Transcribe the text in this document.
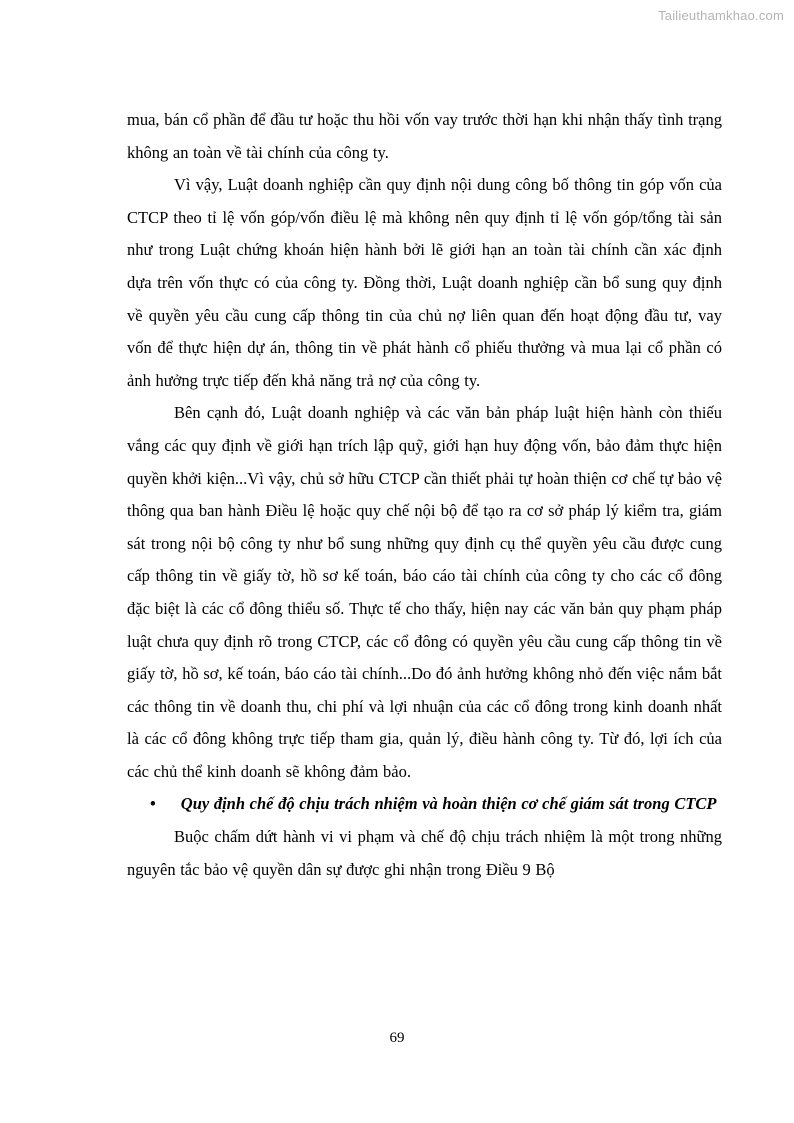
Tailieuthamkhao.com

mua, bán cổ phần để đầu tư hoặc thu hồi vốn vay trước thời hạn khi nhận thấy tình trạng không an toàn về tài chính của công ty.

Vì vậy, Luật doanh nghiệp cần quy định nội dung công bố thông tin góp vốn của CTCP theo tỉ lệ vốn góp/vốn điều lệ mà không nên quy định tỉ lệ vốn góp/tổng tài sản như trong Luật chứng khoán hiện hành bởi lẽ giới hạn an toàn tài chính cần xác định dựa trên vốn thực có của công ty. Đồng thời, Luật doanh nghiệp cần bổ sung quy định về quyền yêu cầu cung cấp thông tin của chủ nợ liên quan đến hoạt động đầu tư, vay vốn để thực hiện dự án, thông tin về phát hành cổ phiếu thưởng và mua lại cổ phần có ảnh hưởng trực tiếp đến khả năng trả nợ của công ty.

Bên cạnh đó, Luật doanh nghiệp và các văn bản pháp luật hiện hành còn thiếu vắng các quy định về giới hạn trích lập quỹ, giới hạn huy động vốn, bảo đảm thực hiện quyền khởi kiện...Vì vậy, chủ sở hữu CTCP cần thiết phải tự hoàn thiện cơ chế tự bảo vệ thông qua ban hành Điều lệ hoặc quy chế nội bộ để tạo ra cơ sở pháp lý kiểm tra, giám sát trong nội bộ công ty như bổ sung những quy định cụ thể quyền yêu cầu được cung cấp thông tin về giấy tờ, hồ sơ kế toán, báo cáo tài chính của công ty cho các cổ đông đặc biệt là các cổ đông thiểu số. Thực tế cho thấy, hiện nay các văn bản quy phạm pháp luật chưa quy định rõ trong CTCP, các cổ đông có quyền yêu cầu cung cấp thông tin về giấy tờ, hồ sơ, kế toán, báo cáo tài chính...Do đó ảnh hưởng không nhỏ đến việc nắm bắt các thông tin về doanh thu, chi phí và lợi nhuận của các cổ đông trong kinh doanh nhất là các cổ đông không trực tiếp tham gia, quản lý, điều hành công ty. Từ đó, lợi ích của các chủ thể kinh doanh sẽ không đảm bảo.

• Quy định chế độ chịu trách nhiệm và hoàn thiện cơ chế giám sát trong CTCP

Buộc chấm dứt hành vi vi phạm và chế độ chịu trách nhiệm là một trong những nguyên tắc bảo vệ quyền dân sự được ghi nhận trong Điều 9 Bộ

69
